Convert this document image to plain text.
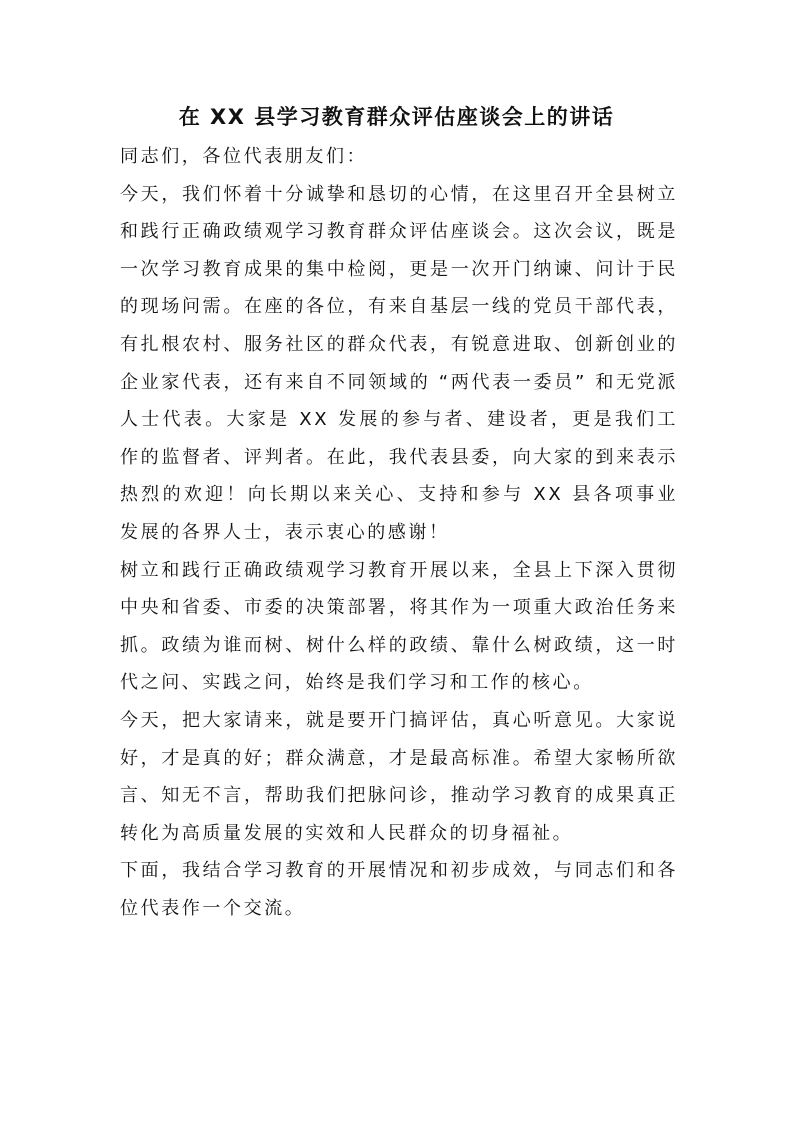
在 XX 县学习教育群众评估座谈会上的讲话

同志们，各位代表朋友们：

今天，我们怀着十分诚挚和恳切的心情，在这里召开全县树立和践行正确政绩观学习教育群众评估座谈会。这次会议，既是一次学习教育成果的集中检阅，更是一次开门纳谏、问计于民的现场问需。在座的各位，有来自基层一线的党员干部代表，有扎根农村、服务社区的群众代表，有锐意进取、创新创业的企业家代表，还有来自不同领域的 “两代表一委员” 和无党派人士代表。大家是 XX 发展的参与者、建设者，更是我们工作的监督者、评判者。在此，我代表县委，向大家的到来表示热烈的欢迎！向长期以来关心、支持和参与 XX 县各项事业发展的各界人士，表示衷心的感谢！

树立和践行正确政绩观学习教育开展以来，全县上下深入贯彻中央和省委、市委的决策部署，将其作为一项重大政治任务来抓。政绩为谁而树、树什么样的政绩、靠什么树政绩，这一时代之问、实践之问，始终是我们学习和工作的核心。

今天，把大家请来，就是要开门搞评估，真心听意见。大家说好，才是真的好；群众满意，才是最高标准。希望大家畅所欲言、知无不言，帮助我们把脉问诊，推动学习教育的成果真正转化为高质量发展的实效和人民群众的切身福祉。

下面，我结合学习教育的开展情况和初步成效，与同志们和各位代表作一个交流。
